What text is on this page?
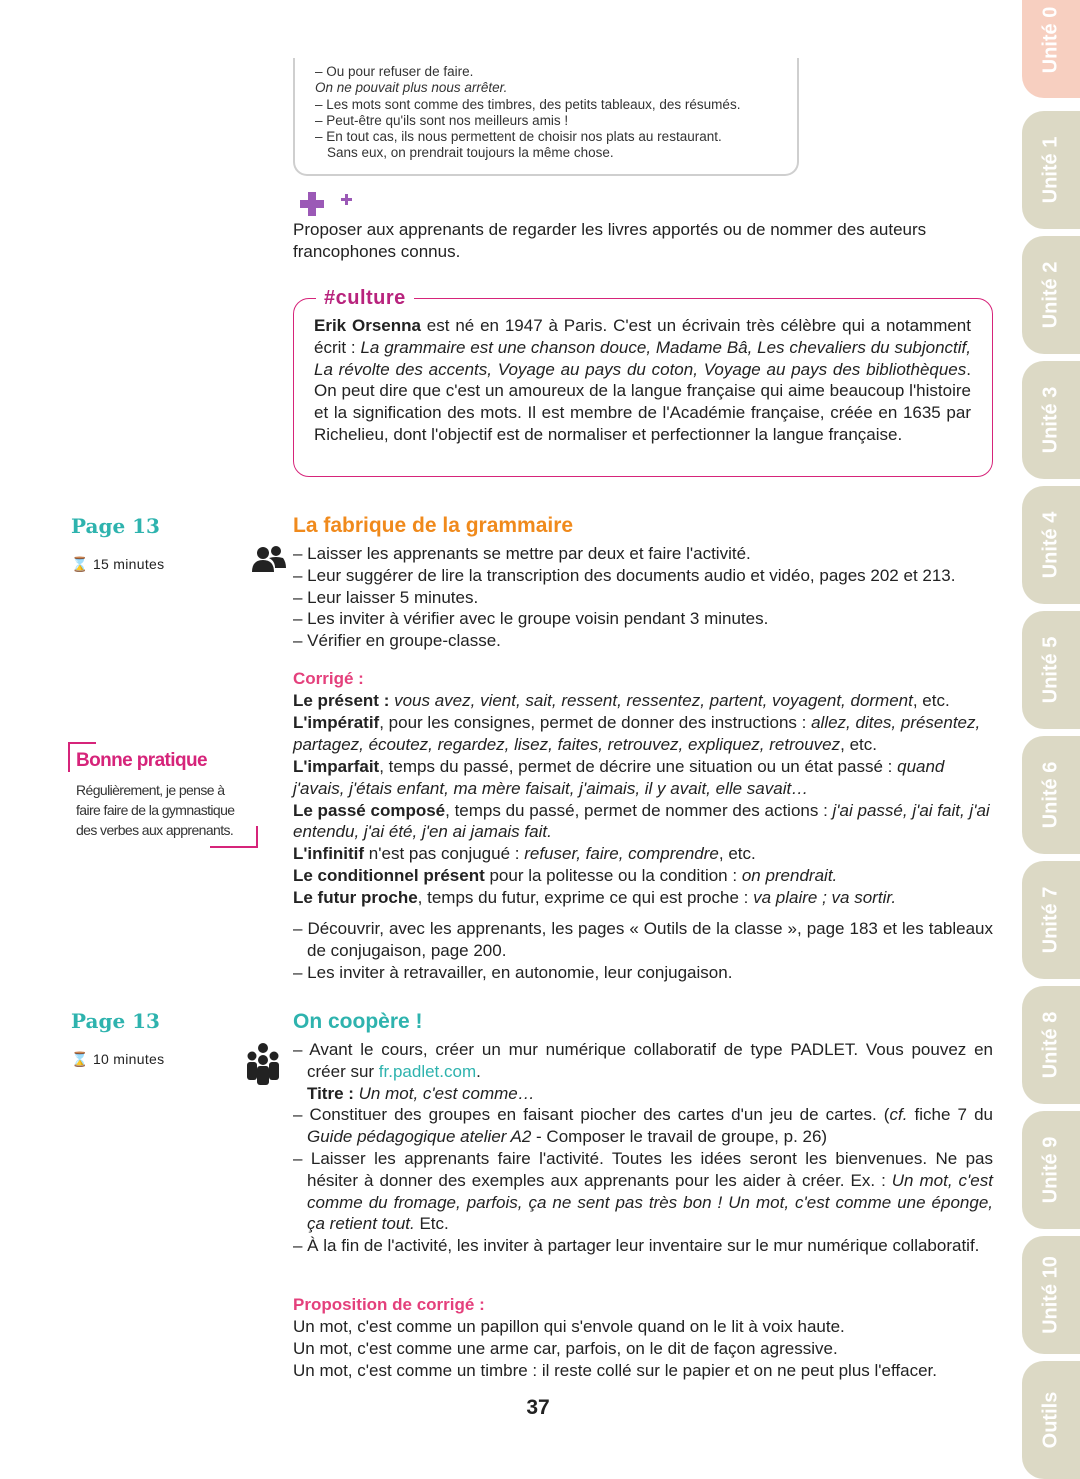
– Ou pour refuser de faire.
On ne pouvait plus nous arrêter.
– Les mots sont comme des timbres, des petits tableaux, des résumés.
– Peut-être qu'ils sont nos meilleurs amis !
– En tout cas, ils nous permettent de choisir nos plats au restaurant.
Sans eux, on prendrait toujours la même chose.
Proposer aux apprenants de regarder les livres apportés ou de nommer des auteurs francophones connus.
Erik Orsenna est né en 1947 à Paris. C'est un écrivain très célèbre qui a notamment écrit : La grammaire est une chanson douce, Madame Bâ, Les chevaliers du subjonctif, La révolte des accents, Voyage au pays du coton, Voyage au pays des bibliothèques. On peut dire que c'est un amoureux de la langue française qui aime beaucoup l'histoire et la signification des mots. Il est membre de l'Académie française, créée en 1635 par Richelieu, dont l'objectif est de normaliser et perfectionner la langue française.
#culture
Page 13
⌛ 15 minutes
La fabrique de la grammaire
– Laisser les apprenants se mettre par deux et faire l'activité.
– Leur suggérer de lire la transcription des documents audio et vidéo, pages 202 et 213.
– Leur laisser 5 minutes.
– Les inviter à vérifier avec le groupe voisin pendant 3 minutes.
– Vérifier en groupe-classe.
Corrigé :
Le présent : vous avez, vient, sait, ressent, ressentez, partent, voyagent, dorment, etc.
L'impératif, pour les consignes, permet de donner des instructions : allez, dites, présentez, partagez, écoutez, regardez, lisez, faites, retrouvez, expliquez, retrouvez, etc.
L'imparfait, temps du passé, permet de décrire une situation ou un état passé : quand j'avais, j'étais enfant, ma mère faisait, j'aimais, il y avait, elle savait…
Le passé composé, temps du passé, permet de nommer des actions : j'ai passé, j'ai fait, j'ai entendu, j'ai été, j'en ai jamais fait.
L'infinitif n'est pas conjugué : refuser, faire, comprendre, etc.
Le conditionnel présent pour la politesse ou la condition : on prendrait.
Le futur proche, temps du futur, exprime ce qui est proche : va plaire ; va sortir.
– Découvrir, avec les apprenants, les pages « Outils de la classe », page 183 et les tableaux de conjugaison, page 200.
– Les inviter à retravailler, en autonomie, leur conjugaison.
Bonne pratique
Régulièrement, je pense à faire faire de la gymnastique des verbes aux apprenants.
Page 13
⌛ 10 minutes
On coopère !
– Avant le cours, créer un mur numérique collaboratif de type PADLET. Vous pouvez en créer sur fr.padlet.com.
Titre : Un mot, c'est comme…
– Constituer des groupes en faisant piocher des cartes d'un jeu de cartes. (cf. fiche 7 du Guide pédagogique atelier A2 - Composer le travail de groupe, p. 26)
– Laisser les apprenants faire l'activité. Toutes les idées seront les bienvenues. Ne pas hésiter à donner des exemples aux apprenants pour les aider à créer. Ex. : Un mot, c'est comme du fromage, parfois, ça ne sent pas très bon ! Un mot, c'est comme une éponge, ça retient tout. Etc.
– À la fin de l'activité, les inviter à partager leur inventaire sur le mur numérique collaboratif.
Proposition de corrigé :
Un mot, c'est comme un papillon qui s'envole quand on le lit à voix haute.
Un mot, c'est comme une arme car, parfois, on le dit de façon agressive.
Un mot, c'est comme un timbre : il reste collé sur le papier et on ne peut plus l'effacer.
37
Unité 0
Unité 1
Unité 2
Unité 3
Unité 4
Unité 5
Unité 6
Unité 7
Unité 8
Unité 9
Unité 10
Outils
